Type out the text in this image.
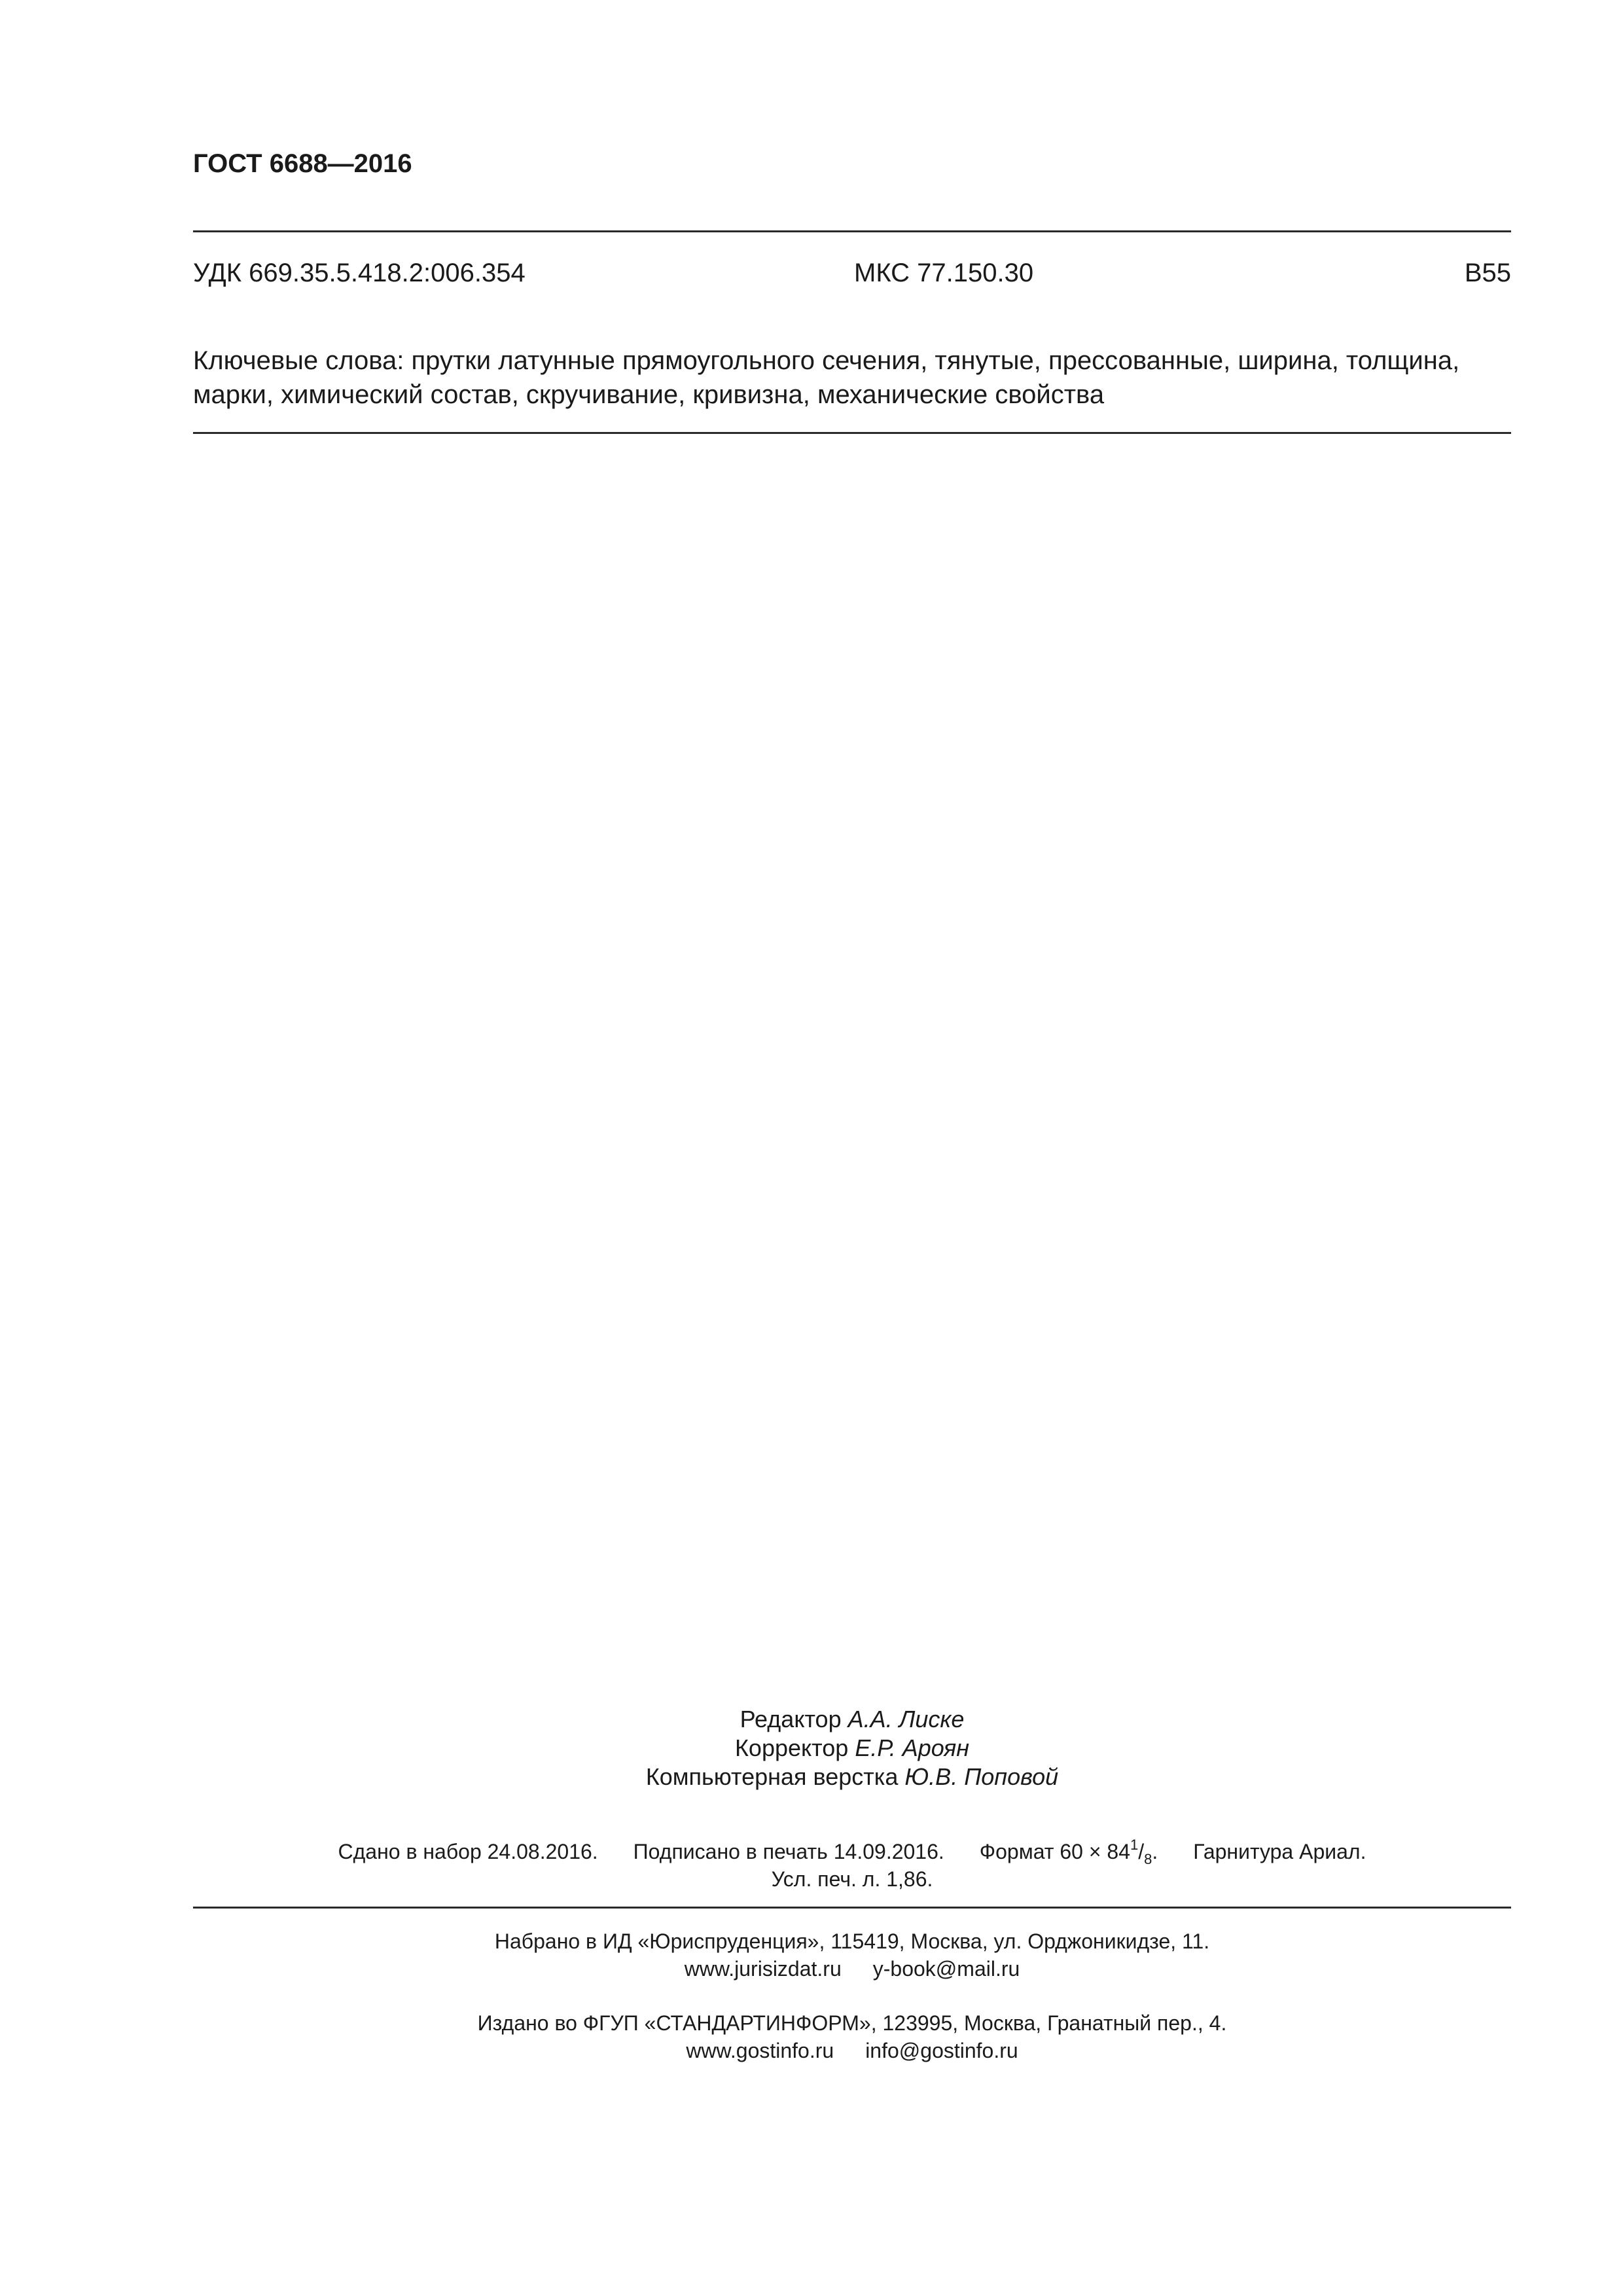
ГОСТ 6688—2016
УДК 669.35.5.418.2:006.354	МКС 77.150.30	В55
Ключевые слова: прутки латунные прямоугольного сечения, тянутые, прессованные, ширина, толщина, марки, химический состав, скручивание, кривизна, механические свойства
Редактор А.А. Лиске
Корректор Е.Р. Ароян
Компьютерная верстка Ю.В. Поповой
Сдано в набор 24.08.2016. Подписано в печать 14.09.2016. Формат $60 \times 84^1/_8$. Гарнитура Ариал.
Усл. печ. л. 1,86.
Набрано в ИД «Юриспруденция», 115419, Москва, ул. Орджоникидзе, 11.
www.jurisizdat.ru y-book@mail.ru
Издано во ФГУП «СТАНДАРТИНФОРМ», 123995, Москва, Гранатный пер., 4.
www.gostinfo.ru info@gostinfo.ru
